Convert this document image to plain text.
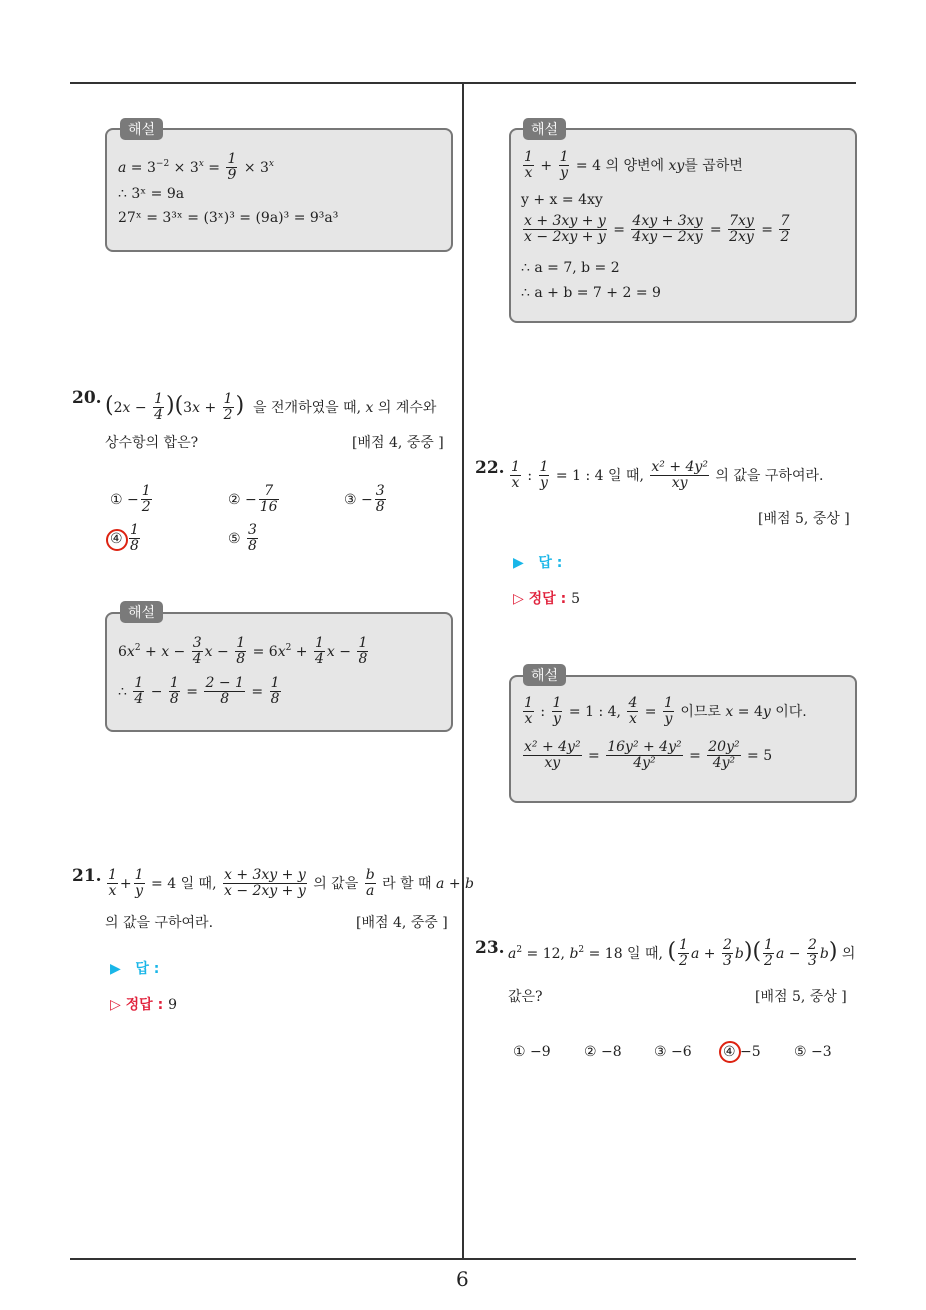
해설
$a = 3^{-2} \times 3^x = \frac{1}{9} \times 3^x$
∴ 3ˣ = 9a
27ˣ = 3³ˣ = (3ˣ)³ = (9a)³ = 9³a³
20. $(2x - \frac{1}{4} )(3x + \frac{1}{2}$ )  을 전개하였을 때, x 의 계수와
상수항의 합은?	[배점 4, 중중 ]
① − $\frac{1}{2}$	② − $\frac{7}{16}$	③ − $\frac{3}{8}$
④ $\frac{1}{8}$	⑤ $\frac{3}{8}$
해설
$6x^2 + x - \frac{3}{4}$ $x - \frac{1}{8} = 6x^2 + \frac{1}{4}$ $x - \frac{1}{8}$
∴ $\frac{1}{4} - \frac{1}{8} = \frac{2 - 1}{8} = \frac{1}{8}$
21. $\frac{1}{x} + \frac{1}{y} = 4$ 일 때, $\frac{x + 3xy + y}{x - 2xy + y}$ 의 값을 $\frac{b}{a}$ 라 할 때 a + b
의 값을 구하여라.	[배점 4, 중중 ]
▶ 답 :
▷ 정답 : 9
해설
$\frac{1}{x} + \frac{1}{y} = 4$ 의 양변에 xy를 곱하면
y + x = 4xy
$\frac{x + 3xy + y}{x - 2xy + y} = \frac{4xy + 3xy}{4xy - 2xy} = \frac{7xy}{2xy} = \frac{7}{2}$
∴ a = 7, b = 2
∴ a + b = 7 + 2 = 9
22. $\frac{1}{x}$ : $\frac{1}{y} = 1$ : 4 일 때, $\frac{\text{x² + 4y²}}{xy}$ 의 값을 구하여라.
[배점 5, 중상 ]
▶ 답 :
▷ 정답 : 5
해설
$\frac{1}{x}$ : $\frac{1}{y} = 1$ : 4, $\frac{4}{x} = \frac{1}{y}$ 이므로 x = 4y 이다.
$\frac{\text{x² + 4y²}}{xy} = \frac{\text{16y² + 4y²}}{\text{4y²}} = \frac{\text{20y²}}{\text{4y²}} = 5$
23. $a^2 = 12$, $b^2 = 18$ 일 때, ( $\frac{1}{2}$ $a + \frac{2}{3} b)( \frac{1}{2}$ $a - \frac{2}{3} b$) 의
값은?	[배점 5, 중상 ]
① −9 ② −8 ③ −6 ④ −5 ⑤ −3
6
